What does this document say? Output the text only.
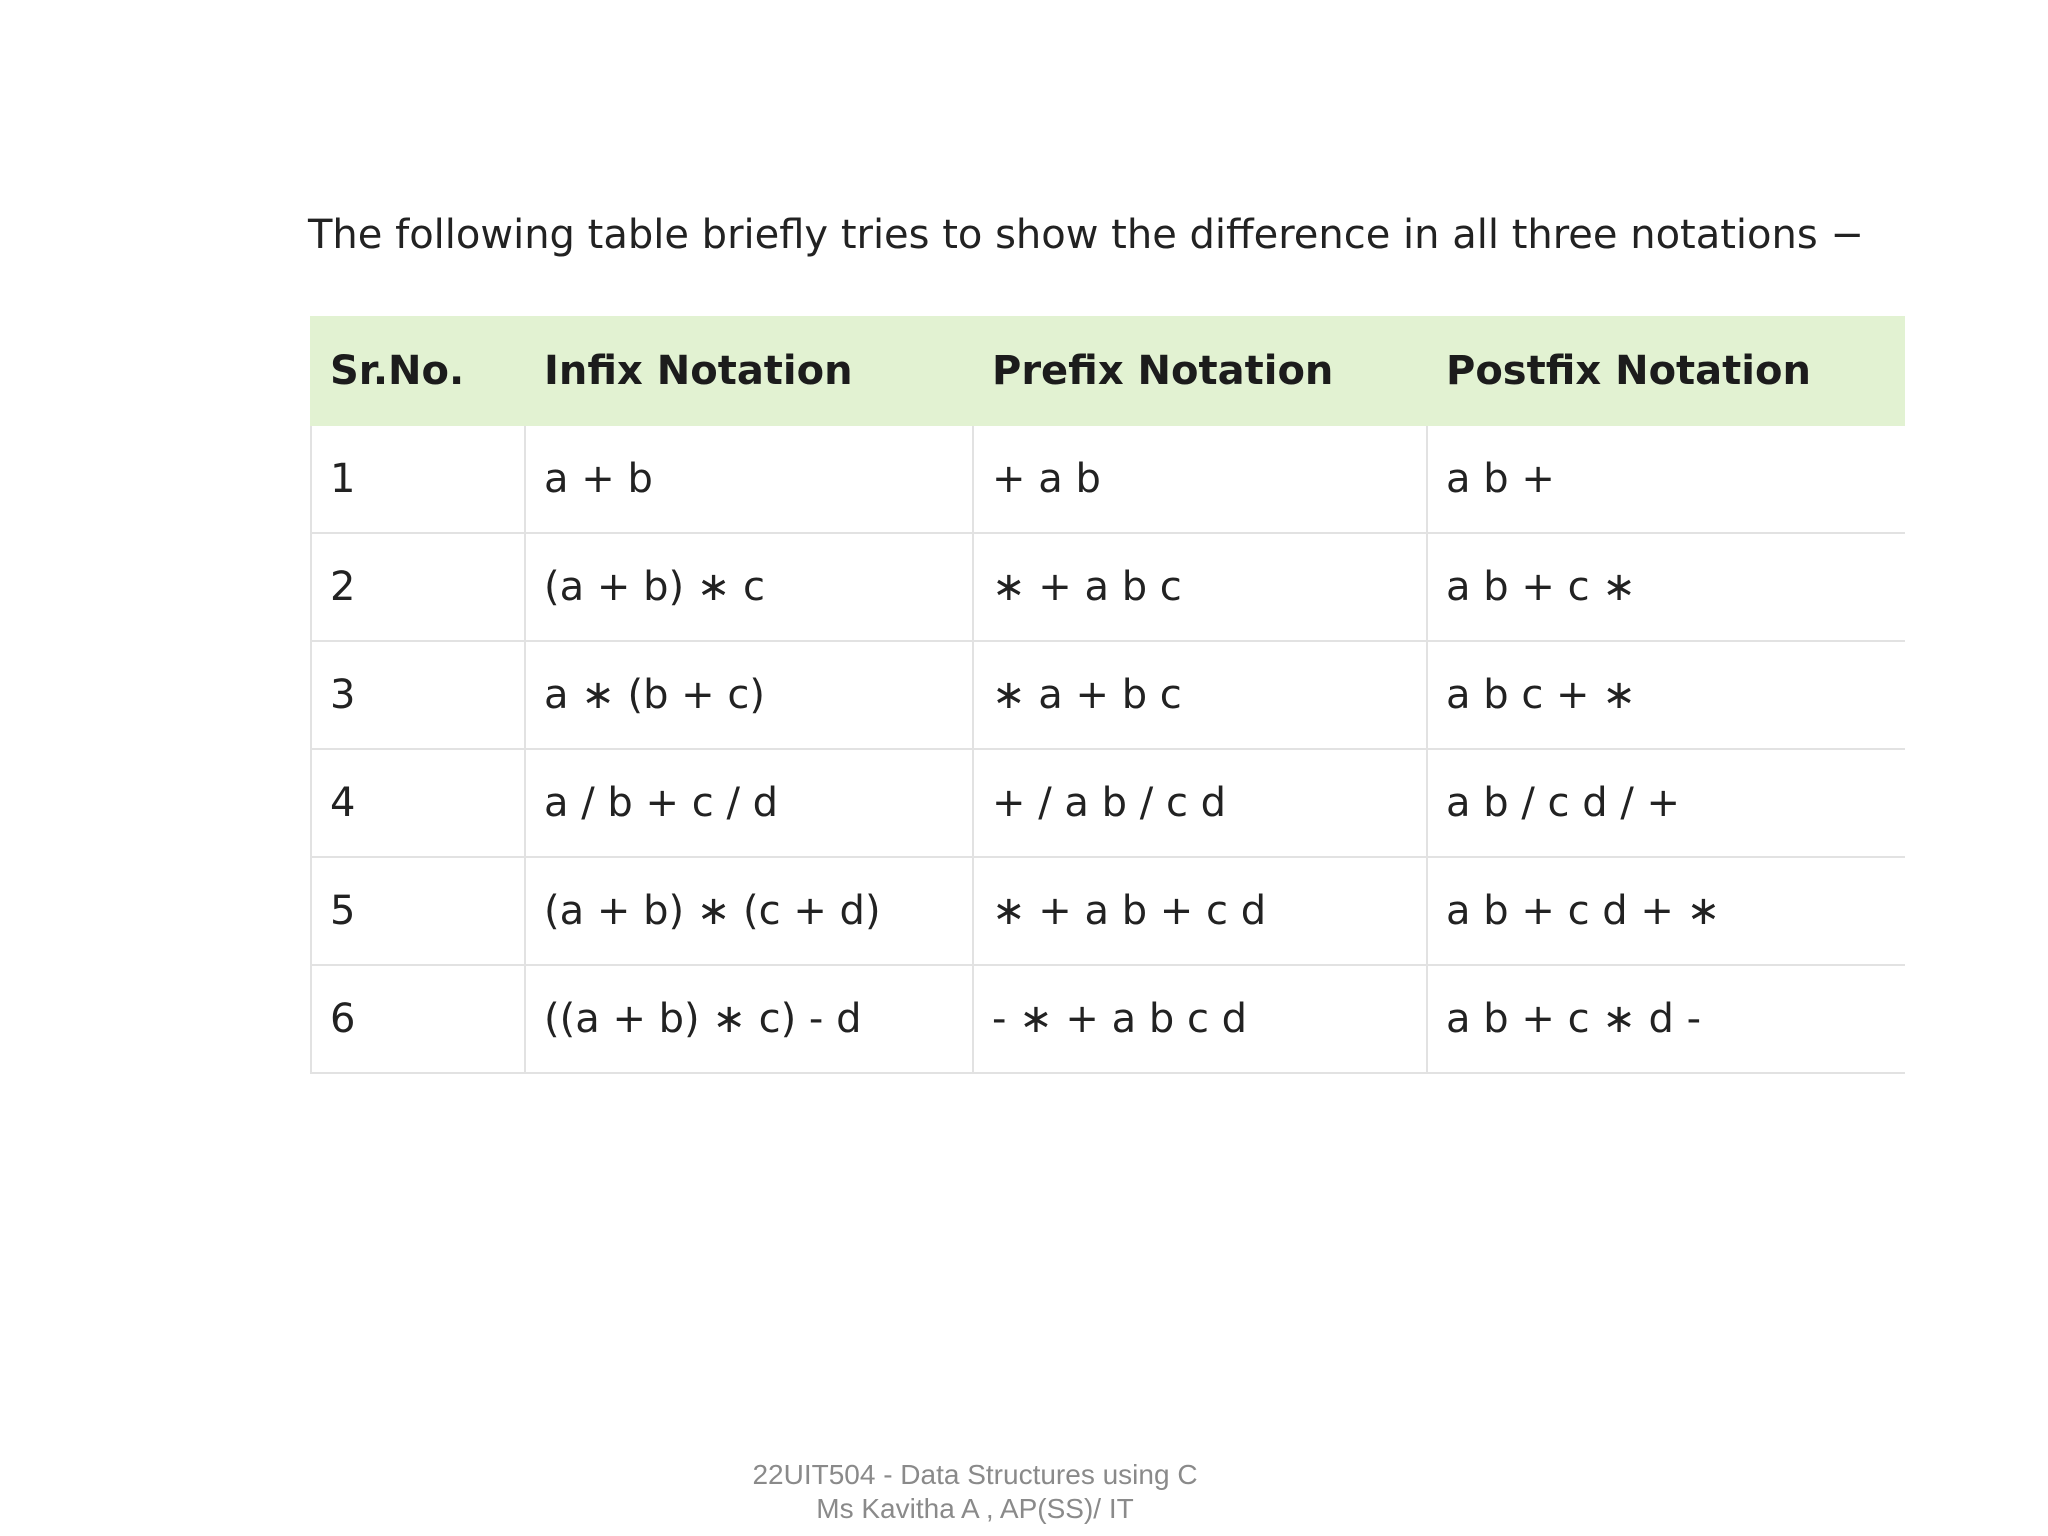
The following table briefly tries to show the difference in all three notations −
Sr.No.	Infix Notation	Prefix Notation	Postfix Notation
1	a + b	+ a b	a b +
2	(a + b) ∗ c	∗ + a b c	a b + c ∗
3	a ∗ (b + c)	∗ a + b c	a b c + ∗
4	a / b + c / d	+ / a b / c d	a b / c d / +
5	(a + b) ∗ (c + d)	∗ + a b + c d	a b + c d + ∗
6	((a + b) ∗ c) - d	- ∗ + a b c d	a b + c ∗ d -
22UIT504 - Data Structures using C
Ms Kavitha A , AP(SS)/ IT
